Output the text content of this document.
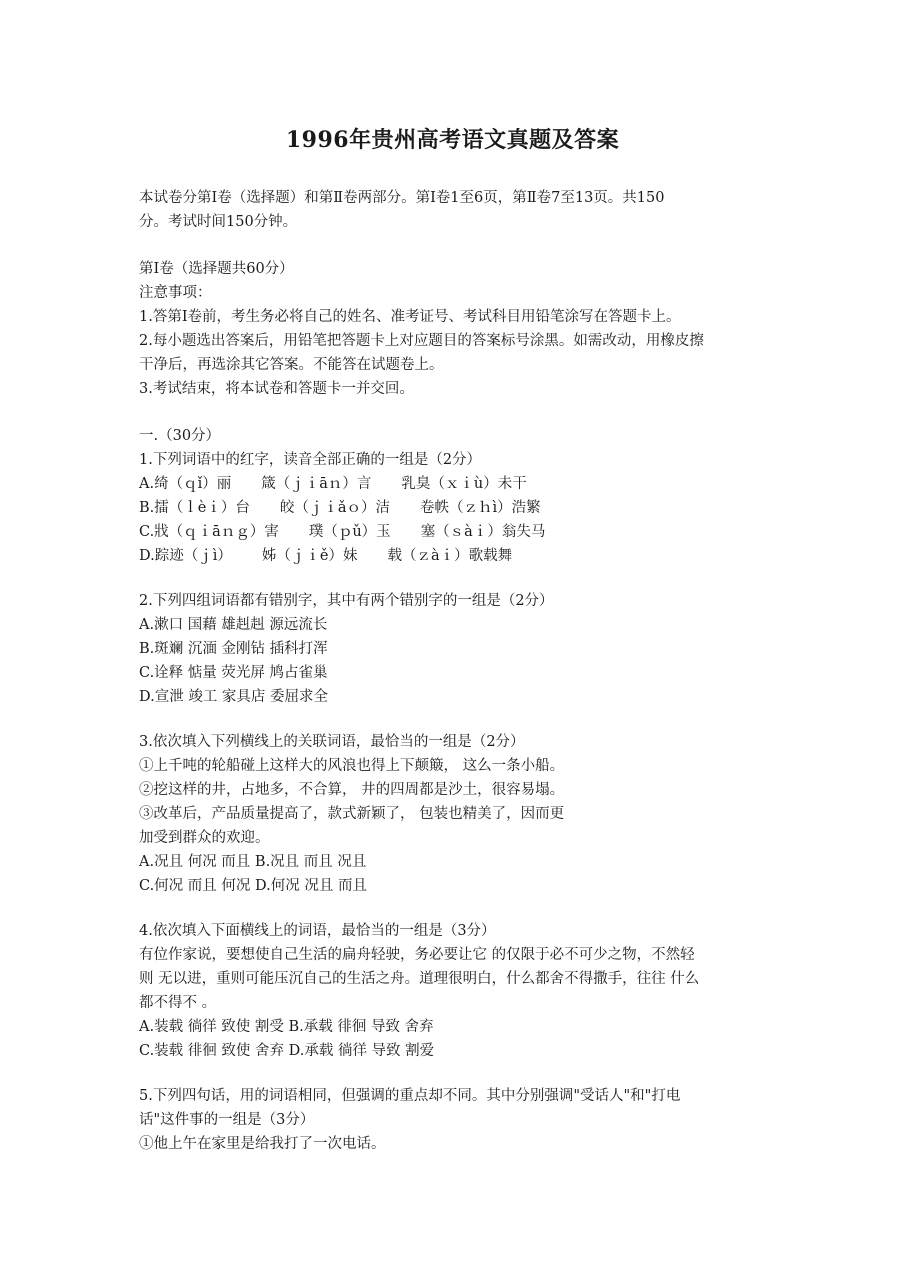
1996年贵州高考语文真题及答案
本试卷分第Ⅰ卷（选择题）和第Ⅱ卷两部分。第Ⅰ卷1至6页，第Ⅱ卷7至13页。共150
分。考试时间150分钟。
第Ⅰ卷（选择题共60分）
注意事项：
1.答第Ⅰ卷前，考生务必将自己的姓名、准考证号、考试科目用铅笔涂写在答题卡上。
2.每小题选出答案后，用铅笔把答题卡上对应题目的答案标号涂黑。如需改动，用橡皮擦
干净后，再选涂其它答案。不能答在试题卷上。
3.考试结束，将本试卷和答题卡一并交回。
一.（30分）
1.下列词语中的红字，读音全部正确的一组是（2分）
A.绮（ｑǐ）丽 箴（ｊｉāｎ）言 乳臭（ｘｉù）未干
B.擂（ｌèｉ）台 皎（ｊｉǎｏ）洁 卷帙（ｚｈì）浩繁
C.戕（ｑｉāｎｇ）害 璞（ｐǔ）玉 塞（ｓàｉ）翁失马
D.踪迹（ｊì） 姊（ｊｉě）妹 载（ｚàｉ）歌载舞
2.下列四组词语都有错别字，其中有两个错别字的一组是（2分）
A.漱口 国藉 雄赳赳 源远流长
B.斑斓 沉湎 金刚钻 插科打浑
C.诠释 惦量 荧光屏 鸠占雀巢
D.宣泄 竣工 家具店 委屈求全
3.依次填入下列横线上的关联词语，最恰当的一组是（2分）
①上千吨的轮船碰上这样大的风浪也得上下颠簸， 这么一条小船。
②挖这样的井，占地多，不合算， 井的四周都是沙土，很容易塌。
③改革后，产品质量提高了，款式新颖了， 包装也精美了，因而更
加受到群众的欢迎。
A.况且 何况 而且 B.况且 而且 况且
C.何况 而且 何况 D.何况 况且 而且
4.依次填入下面横线上的词语，最恰当的一组是（3分）
有位作家说，要想使自己生活的扁舟轻驶，务必要让它 的仅限于必不可少之物，不然轻
则 无以进，重则可能压沉自己的生活之舟。道理很明白，什么都舍不得撒手，往往 什么
都不得不 。
A.装载 徜徉 致使 割受 B.承载 徘徊 导致 舍弃
C.装载 徘徊 致使 舍弃 D.承载 徜徉 导致 割爱
5.下列四句话，用的词语相同，但强调的重点却不同。其中分别强调"受话人"和"打电
话"这件事的一组是（3分）
①他上午在家里是给我打了一次电话。
